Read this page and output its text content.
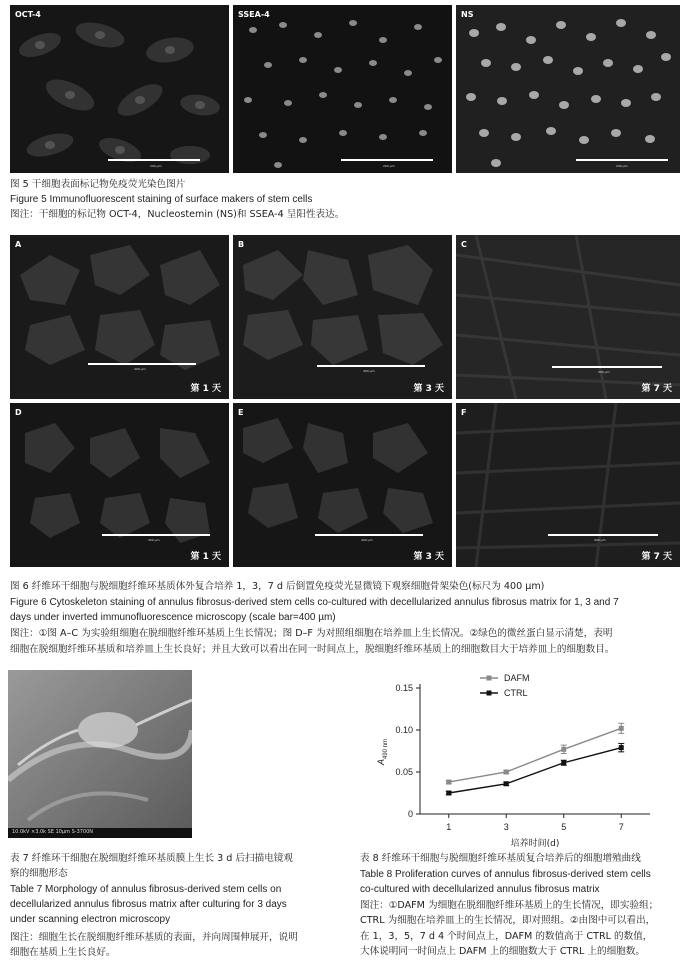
OCT-4
200 µm
SSEA-4
200 µm
NS
200 µm
图 5 干细胞表面标记物免疫荧光染色图片
Figure 5 Immunofluorescent staining of surface makers of stem cells
图注：干细胞的标记物 OCT-4，Nucleostemin (NS)和 SSEA-4 呈阳性表达。
A
400 µm
第 1 天
B
400 µm
第 3 天
C
400 µm
第 7 天
D
400 µm
第 1 天
E
400 µm
第 3 天
F
400 µm
第 7 天
图 6 纤维环干细胞与脱细胞纤维环基质体外复合培养 1，3，7 d 后倒置免疫荧光显微镜下观察细胞骨架染色(标尺为 400 µm)
Figure 6 Cytoskeleton staining of annulus fibrosus-derived stem cells co-cultured with decellularized annulus fibrosus matrix for 1, 3 and 7
days under inverted immunofluorescence microscopy (scale bar=400 µm)
图注：①图 A–C 为实验组细胞在脱细胞纤维环基质上生长情况；图 D–F 为对照组细胞在培养皿上生长情况。②绿色的微丝蛋白显示清楚，表明
细胞在脱细胞纤维环基质和培养皿上生长良好；并且大致可以看出在同一时间点上，脱细胞纤维环基质上的细胞数目大于培养皿上的细胞数目。
10.0kV ×3.0k SE 10µm S-3700N
表 7 纤维环干细胞在脱细胞纤维环基质膜上生长 3 d 后扫描电镜观
察的细胞形态
Table 7 Morphology of annulus fibrosus-derived stem cells on
decellularized annulus fibrosus matrix after culturing for 3 days
under scanning electron microscopy
图注：细胞生长在脱细胞纤维环基质的表面，并向周围伸展开，说明
细胞在基质上生长良好。
0
0.05
0.10
0.15
1	3	5	7
培养时间(d)
A
490 nm
DAFM
CTRL
表 8 纤维环干细胞与脱细胞纤维环基质复合培养后的细胞增殖曲线
Table 8 Proliferation curves of annulus fibrosus-derived stem cells
co-cultured with decellularized annulus fibrosus matrix
图注：①DAFM 为细胞在脱细胞纤维环基质上的生长情况，即实验组；
CTRL 为细胞在培养皿上的生长情况，即对照组。②由图中可以看出，
在 1，3，5，7 d 4 个时间点上，DAFM 的数值高于 CTRL 的数值，
大体说明同一时间点上 DAFM 上的细胞数大于 CTRL 上的细胞数。
